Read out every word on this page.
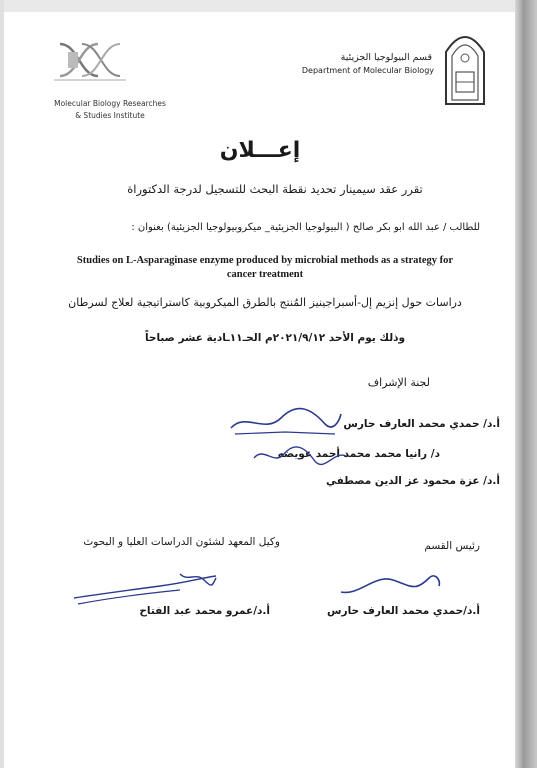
Molecular Biology Researches
& Studies Institute
قسم البيولوجيا الجزيئية
Department of Molecular Biology
إعـــلان
تقرر عقد سيمينار تحديد نقطة البحث للتسجيل لدرجة الدكتوراة
للطالب / عبد الله ابو بكر صالح ( البيولوجيا الجزيئية_ ميكروبيولوجيا الجزيئية) بعنوان :
Studies on L-Asparaginase enzyme produced by microbial methods as a strategy for
cancer treatment
دراسات حول إنزيم إل-أسبراجينيز المُنتج بالطرق الميكروبية كاستراتيجية لعلاج لسرطان
وذلك يوم الأحد ٢٠٢١/٩/١٢م الحـ١١ـادية عشر صباحاً
لجنة الإشراف
أ.د/ حمدي محمد العارف حارس
د/ رانيا محمد محمد أحمد عويضه
أ.د/ عزة محمود عز الدين مصطفي
وكيل المعهد لشئون الدراسات العليا و البحوث	رئيس القسم
أ.د/عمرو محمد عبد الفتاح	أ.د/حمدي محمد العارف حارس
